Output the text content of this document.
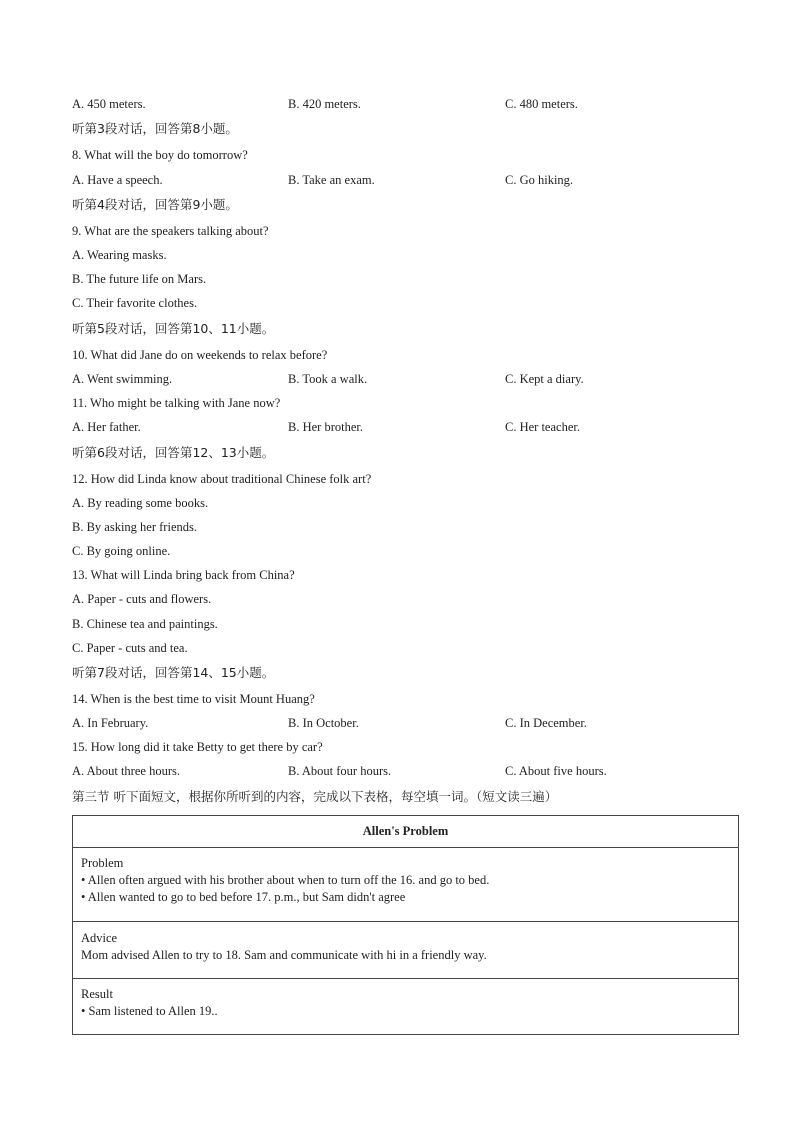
A. 450 meters.	B. 420 meters.	C. 480 meters.
听第3段对话，回答第8小题。
8. What will the boy do tomorrow?
A. Have a speech.	B. Take an exam.	C. Go hiking.
听第4段对话，回答第9小题。
9. What are the speakers talking about?
A. Wearing masks.
B. The future life on Mars.
C. Their favorite clothes.
听第5段对话，回答第10、11小题。
10. What did Jane do on weekends to relax before?
A. Went swimming.	B. Took a walk.	C. Kept a diary.
11. Who might be talking with Jane now?
A. Her father.	B. Her brother.	C. Her teacher.
听第6段对话，回答第12、13小题。
12. How did Linda know about traditional Chinese folk art?
A. By reading some books.
B. By asking her friends.
C. By going online.
13. What will Linda bring back from China?
A. Paper - cuts and flowers.
B. Chinese tea and paintings.
C. Paper - cuts and tea.
听第7段对话，回答第14、15小题。
14. When is the best time to visit Mount Huang?
A. In February.	B. In October.	C. In December.
15. How long did it take Betty to get there by car?
A. About three hours.	B. About four hours.	C. About five hours.
第三节 听下面短文，根据你所听到的内容，完成以下表格，每空填一词。（短文读三遍）
Allen's Problem

Problem
• Allen often argued with his brother about when to turn off the 16. and go to bed.
• Allen wanted to go to bed before 17. p.m., but Sam didn't agree

Advice
Mom advised Allen to try to 18. Sam and communicate with hi in a friendly way.

Result
• Sam listened to Allen 19..
